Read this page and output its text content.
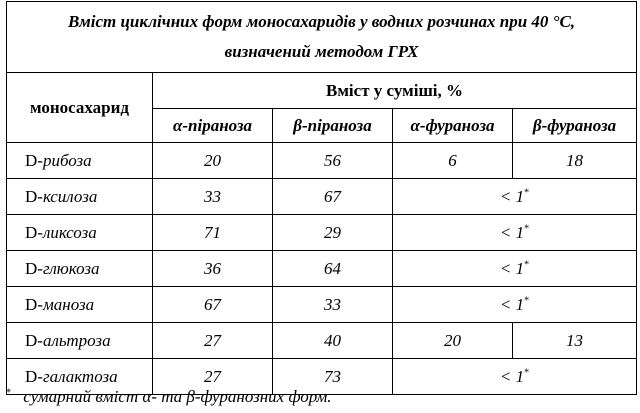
Вміст циклічних форм моносахаридів у водних розчинах при 40 °С,
визначений методом ГРХ				

моносахарид	Вміст у суміші, %			
	α-піраноза	β-піраноза	α-фураноза	β-фураноза
D-рибоза	20	56	6	18
D-ксилоза	33	67	< 1*
D-ликсоза	71	29	< 1*
D-глюкоза	36	64	< 1*
D-маноза	67	33	< 1*
D-альтроза	27	40	20	13
D-галактоза	27	73	< 1*
* сумарний вміст α- та β-фуранозних форм.
